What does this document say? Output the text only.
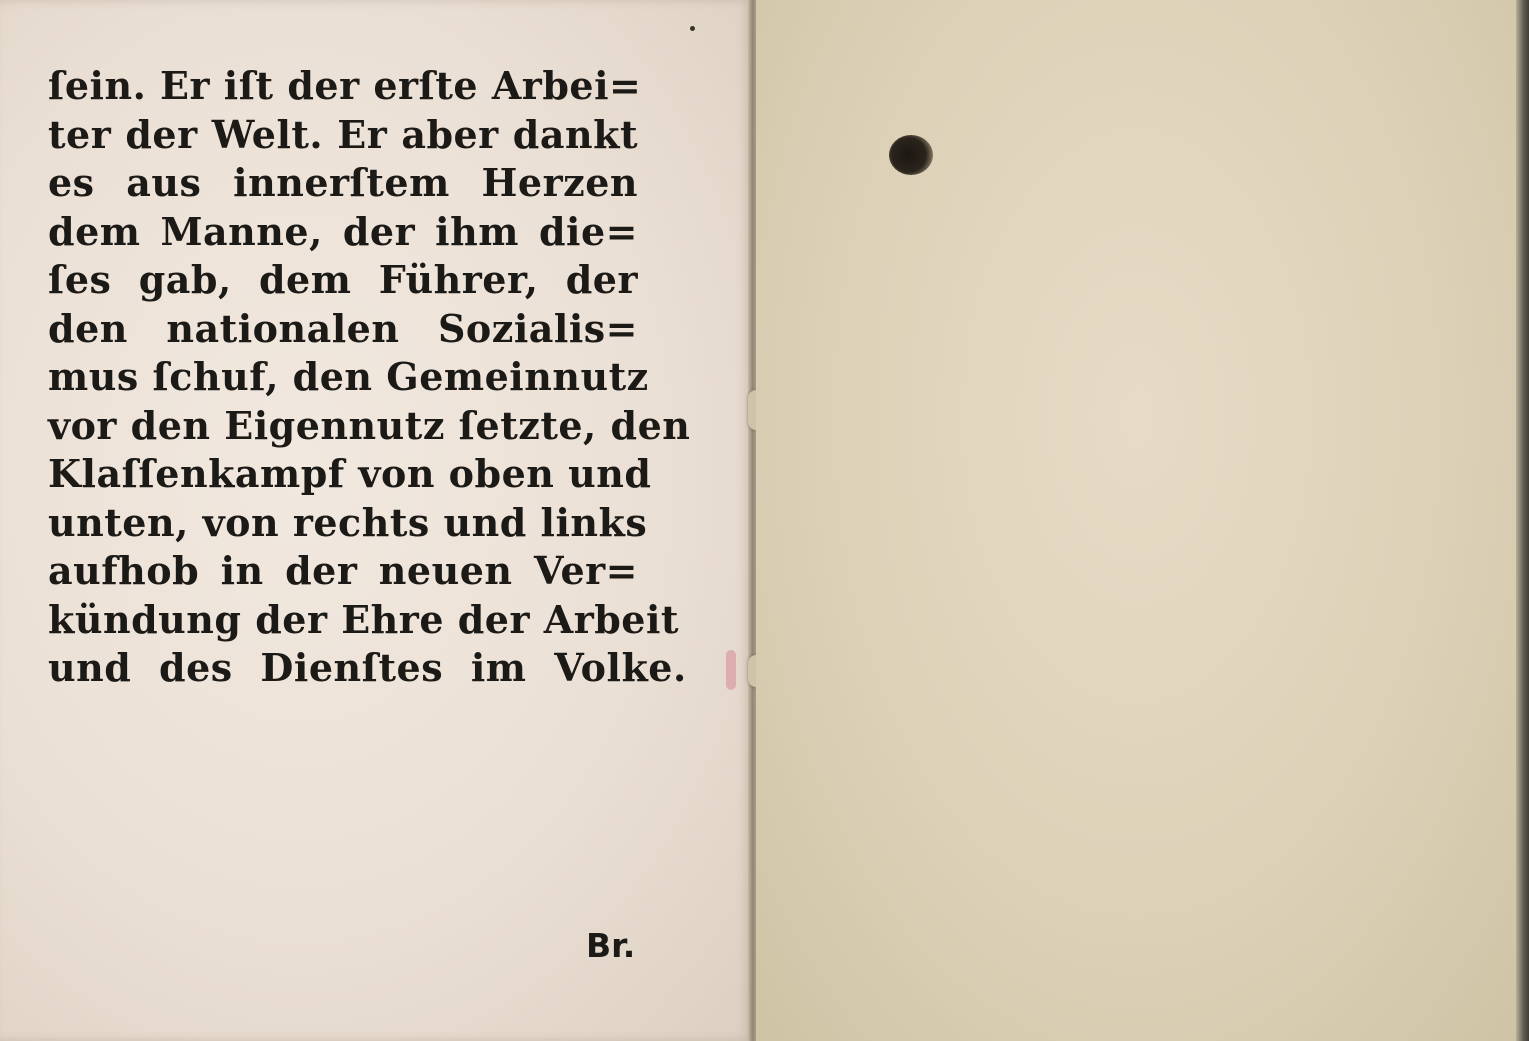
ſein. Er iſt der erſte Arbei=
ter der Welt. Er aber dankt
es aus innerſtem Herzen
dem Manne, der ihm die=
ſes gab, dem Führer, der
den nationalen Sozialis=
mus ſchuf, den Gemeinnutz
vor den Eigennutz ſetzte, den
Klaſſenkampf von oben und
unten, von rechts und links
aufhob in der neuen Ver=
kündung der Ehre der Arbeit
und des Dienſtes im Volke.
Br.
